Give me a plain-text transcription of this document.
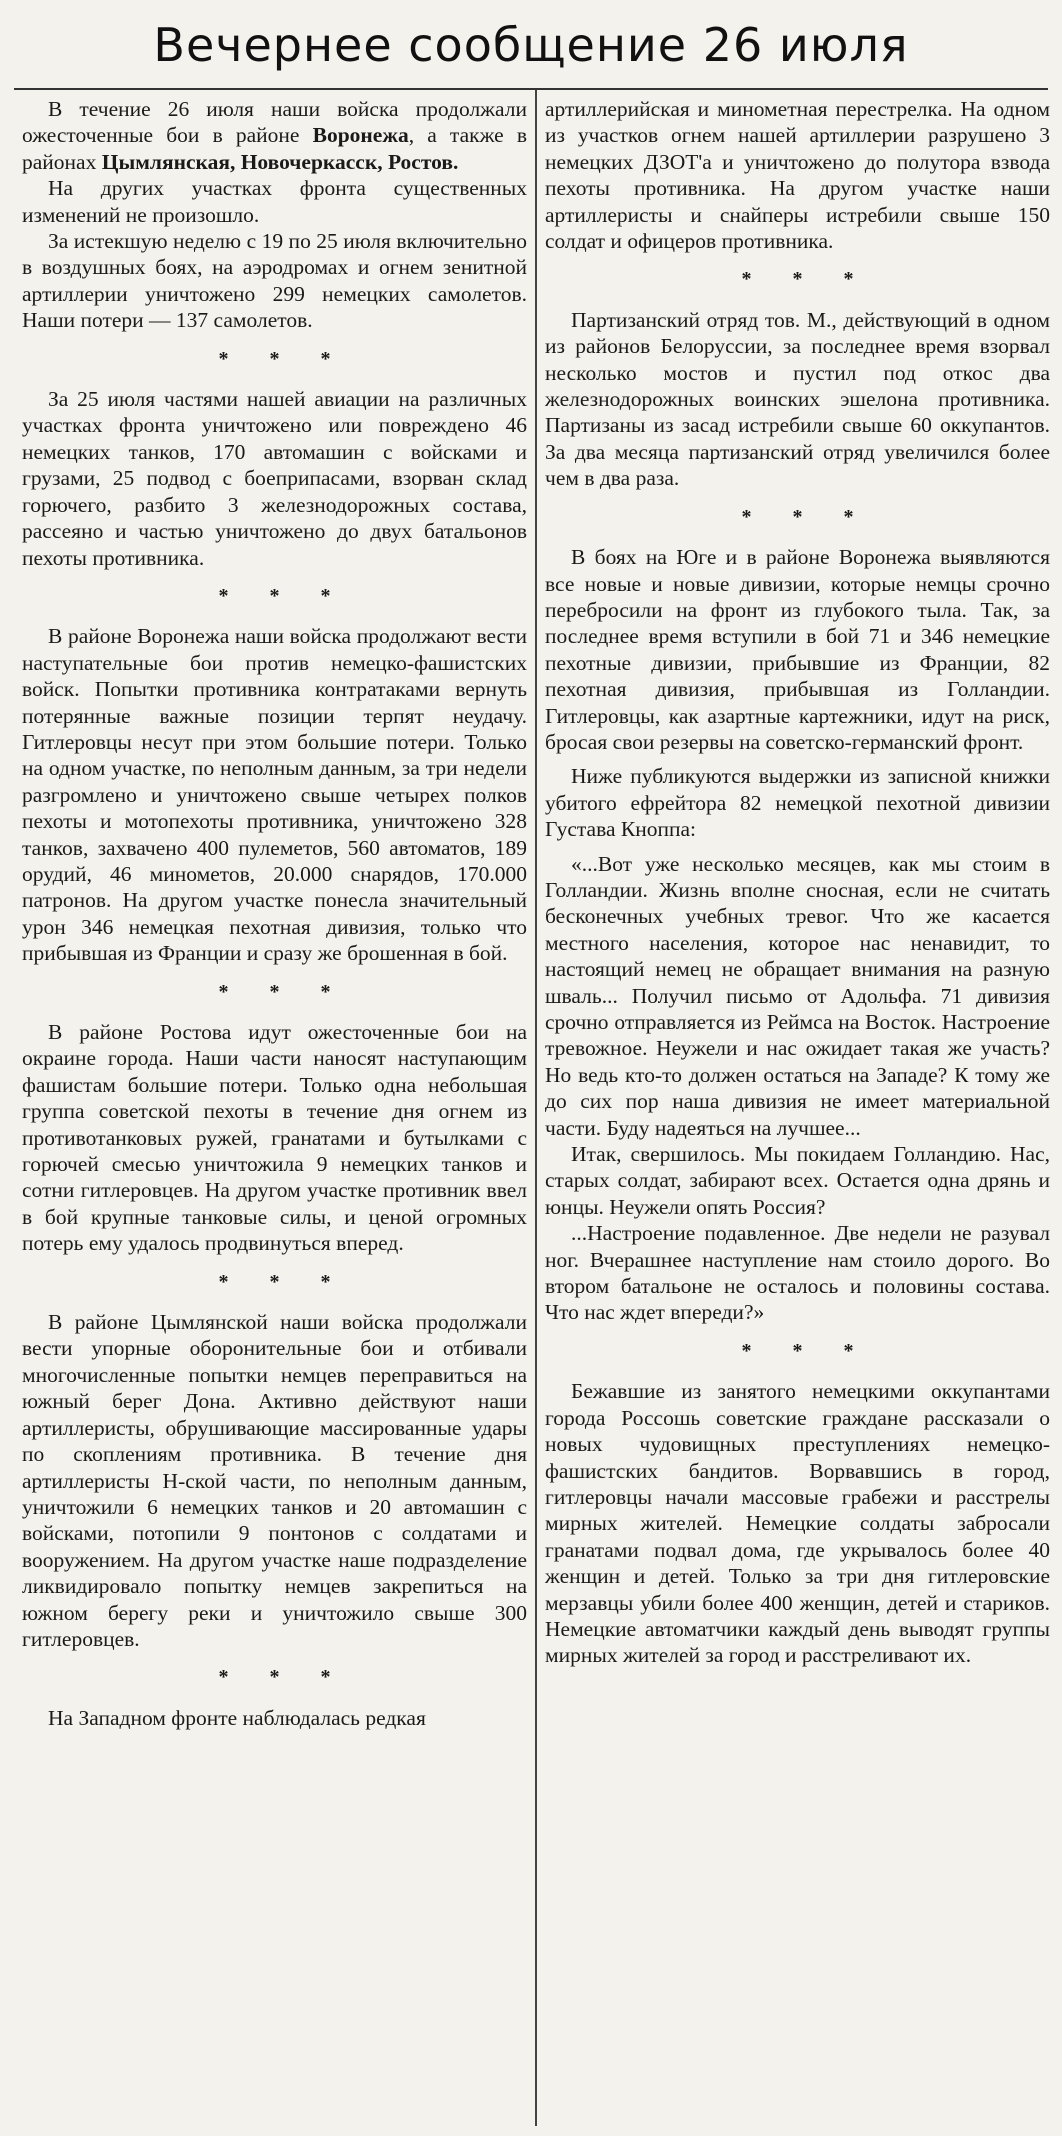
Вечернее сообщение 26 июля

В течение 26 июля наши войска продолжали ожесточенные бои в районе Воронежа, а также в районах Цымлянская, Новочеркасск, Ростов.

На других участках фронта существенных изменений не произошло.

За истекшую неделю с 19 по 25 июля включительно в воздушных боях, на аэродромах и огнем зенитной артиллерии уничтожено 299 немецких самолетов. Наши потери — 137 самолетов.

* * *

За 25 июля частями нашей авиации на различных участках фронта уничтожено или повреждено 46 немецких танков, 170 автомашин с войсками и грузами, 25 подвод с боеприпасами, взорван склад горючего, разбито 3 железнодорожных состава, рассеяно и частью уничтожено до двух батальонов пехоты противника.

* * *

В районе Воронежа наши войска продолжают вести наступательные бои против немецко-фашистских войск. Попытки противника контратаками вернуть потерянные важные позиции терпят неудачу. Гитлеровцы несут при этом большие потери. Только на одном участке, по неполным данным, за три недели разгромлено и уничтожено свыше четырех полков пехоты и мотопехоты противника, уничтожено 328 танков, захвачено 400 пулеметов, 560 автоматов, 189 орудий, 46 минометов, 20.000 снарядов, 170.000 патронов. На другом участке понесла значительный урон 346 немецкая пехотная дивизия, только что прибывшая из Франции и сразу же брошенная в бой.

* * *

В районе Ростова идут ожесточенные бои на окраине города. Наши части наносят наступающим фашистам большие потери. Только одна небольшая группа советской пехоты в течение дня огнем из противотанковых ружей, гранатами и бутылками с горючей смесью уничтожила 9 немецких танков и сотни гитлеровцев. На другом участке противник ввел в бой крупные танковые силы, и ценой огромных потерь ему удалось продвинуться вперед.

* * *

В районе Цымлянской наши войска продолжали вести упорные оборонительные бои и отбивали многочисленные попытки немцев переправиться на южный берег Дона. Активно действуют наши артиллеристы, обрушивающие массированные удары по скоплениям противника. В течение дня артиллеристы Н-ской части, по неполным данным, уничтожили 6 немецких танков и 20 автомашин с войсками, потопили 9 понтонов с солдатами и вооружением. На другом участке наше подразделение ликвидировало попытку немцев закрепиться на южном берегу реки и уничтожило свыше 300 гитлеровцев.

* * *

На Западном фронте наблюдалась редкая

артиллерийская и минометная перестрелка. На одном из участков огнем нашей артиллерии разрушено 3 немецких ДЗОТ'а и уничтожено до полутора взвода пехоты противника. На другом участке наши артиллеристы и снайперы истребили свыше 150 солдат и офицеров противника.

* * *

Партизанский отряд тов. М., действующий в одном из районов Белоруссии, за последнее время взорвал несколько мостов и пустил под откос два железнодорожных воинских эшелона противника. Партизаны из засад истребили свыше 60 оккупантов. За два месяца партизанский отряд увеличился более чем в два раза.

* * *

В боях на Юге и в районе Воронежа выявляются все новые и новые дивизии, которые немцы срочно перебросили на фронт из глубокого тыла. Так, за последнее время вступили в бой 71 и 346 немецкие пехотные дивизии, прибывшие из Франции, 82 пехотная дивизия, прибывшая из Голландии. Гитлеровцы, как азартные картежники, идут на риск, бросая свои резервы на советско-германский фронт.

Ниже публикуются выдержки из записной книжки убитого ефрейтора 82 немецкой пехотной дивизии Густава Кноппа:

«...Вот уже несколько месяцев, как мы стоим в Голландии. Жизнь вполне сносная, если не считать бесконечных учебных тревог. Что же касается местного населения, которое нас ненавидит, то настоящий немец не обращает внимания на разную шваль... Получил письмо от Адольфа. 71 дивизия срочно отправляется из Реймса на Восток. Настроение тревожное. Неужели и нас ожидает такая же участь? Но ведь кто-то должен остаться на Западе? К тому же до сих пор наша дивизия не имеет материальной части. Буду надеяться на лучшее...

Итак, свершилось. Мы покидаем Голландию. Нас, старых солдат, забирают всех. Остается одна дрянь и юнцы. Неужели опять Россия?

...Настроение подавленное. Две недели не разувал ног. Вчерашнее наступление нам стоило дорого. Во втором батальоне не осталось и половины состава. Что нас ждет впереди?»

* * *

Бежавшие из занятого немецкими оккупантами города Россошь советские граждане рассказали о новых чудовищных преступлениях немецко-фашистских бандитов. Ворвавшись в город, гитлеровцы начали массовые грабежи и расстрелы мирных жителей. Немецкие солдаты забросали гранатами подвал дома, где укрывалось более 40 женщин и детей. Только за три дня гитлеровские мерзавцы убили более 400 женщин, детей и стариков. Немецкие автоматчики каждый день выводят группы мирных жителей за город и расстреливают их.
